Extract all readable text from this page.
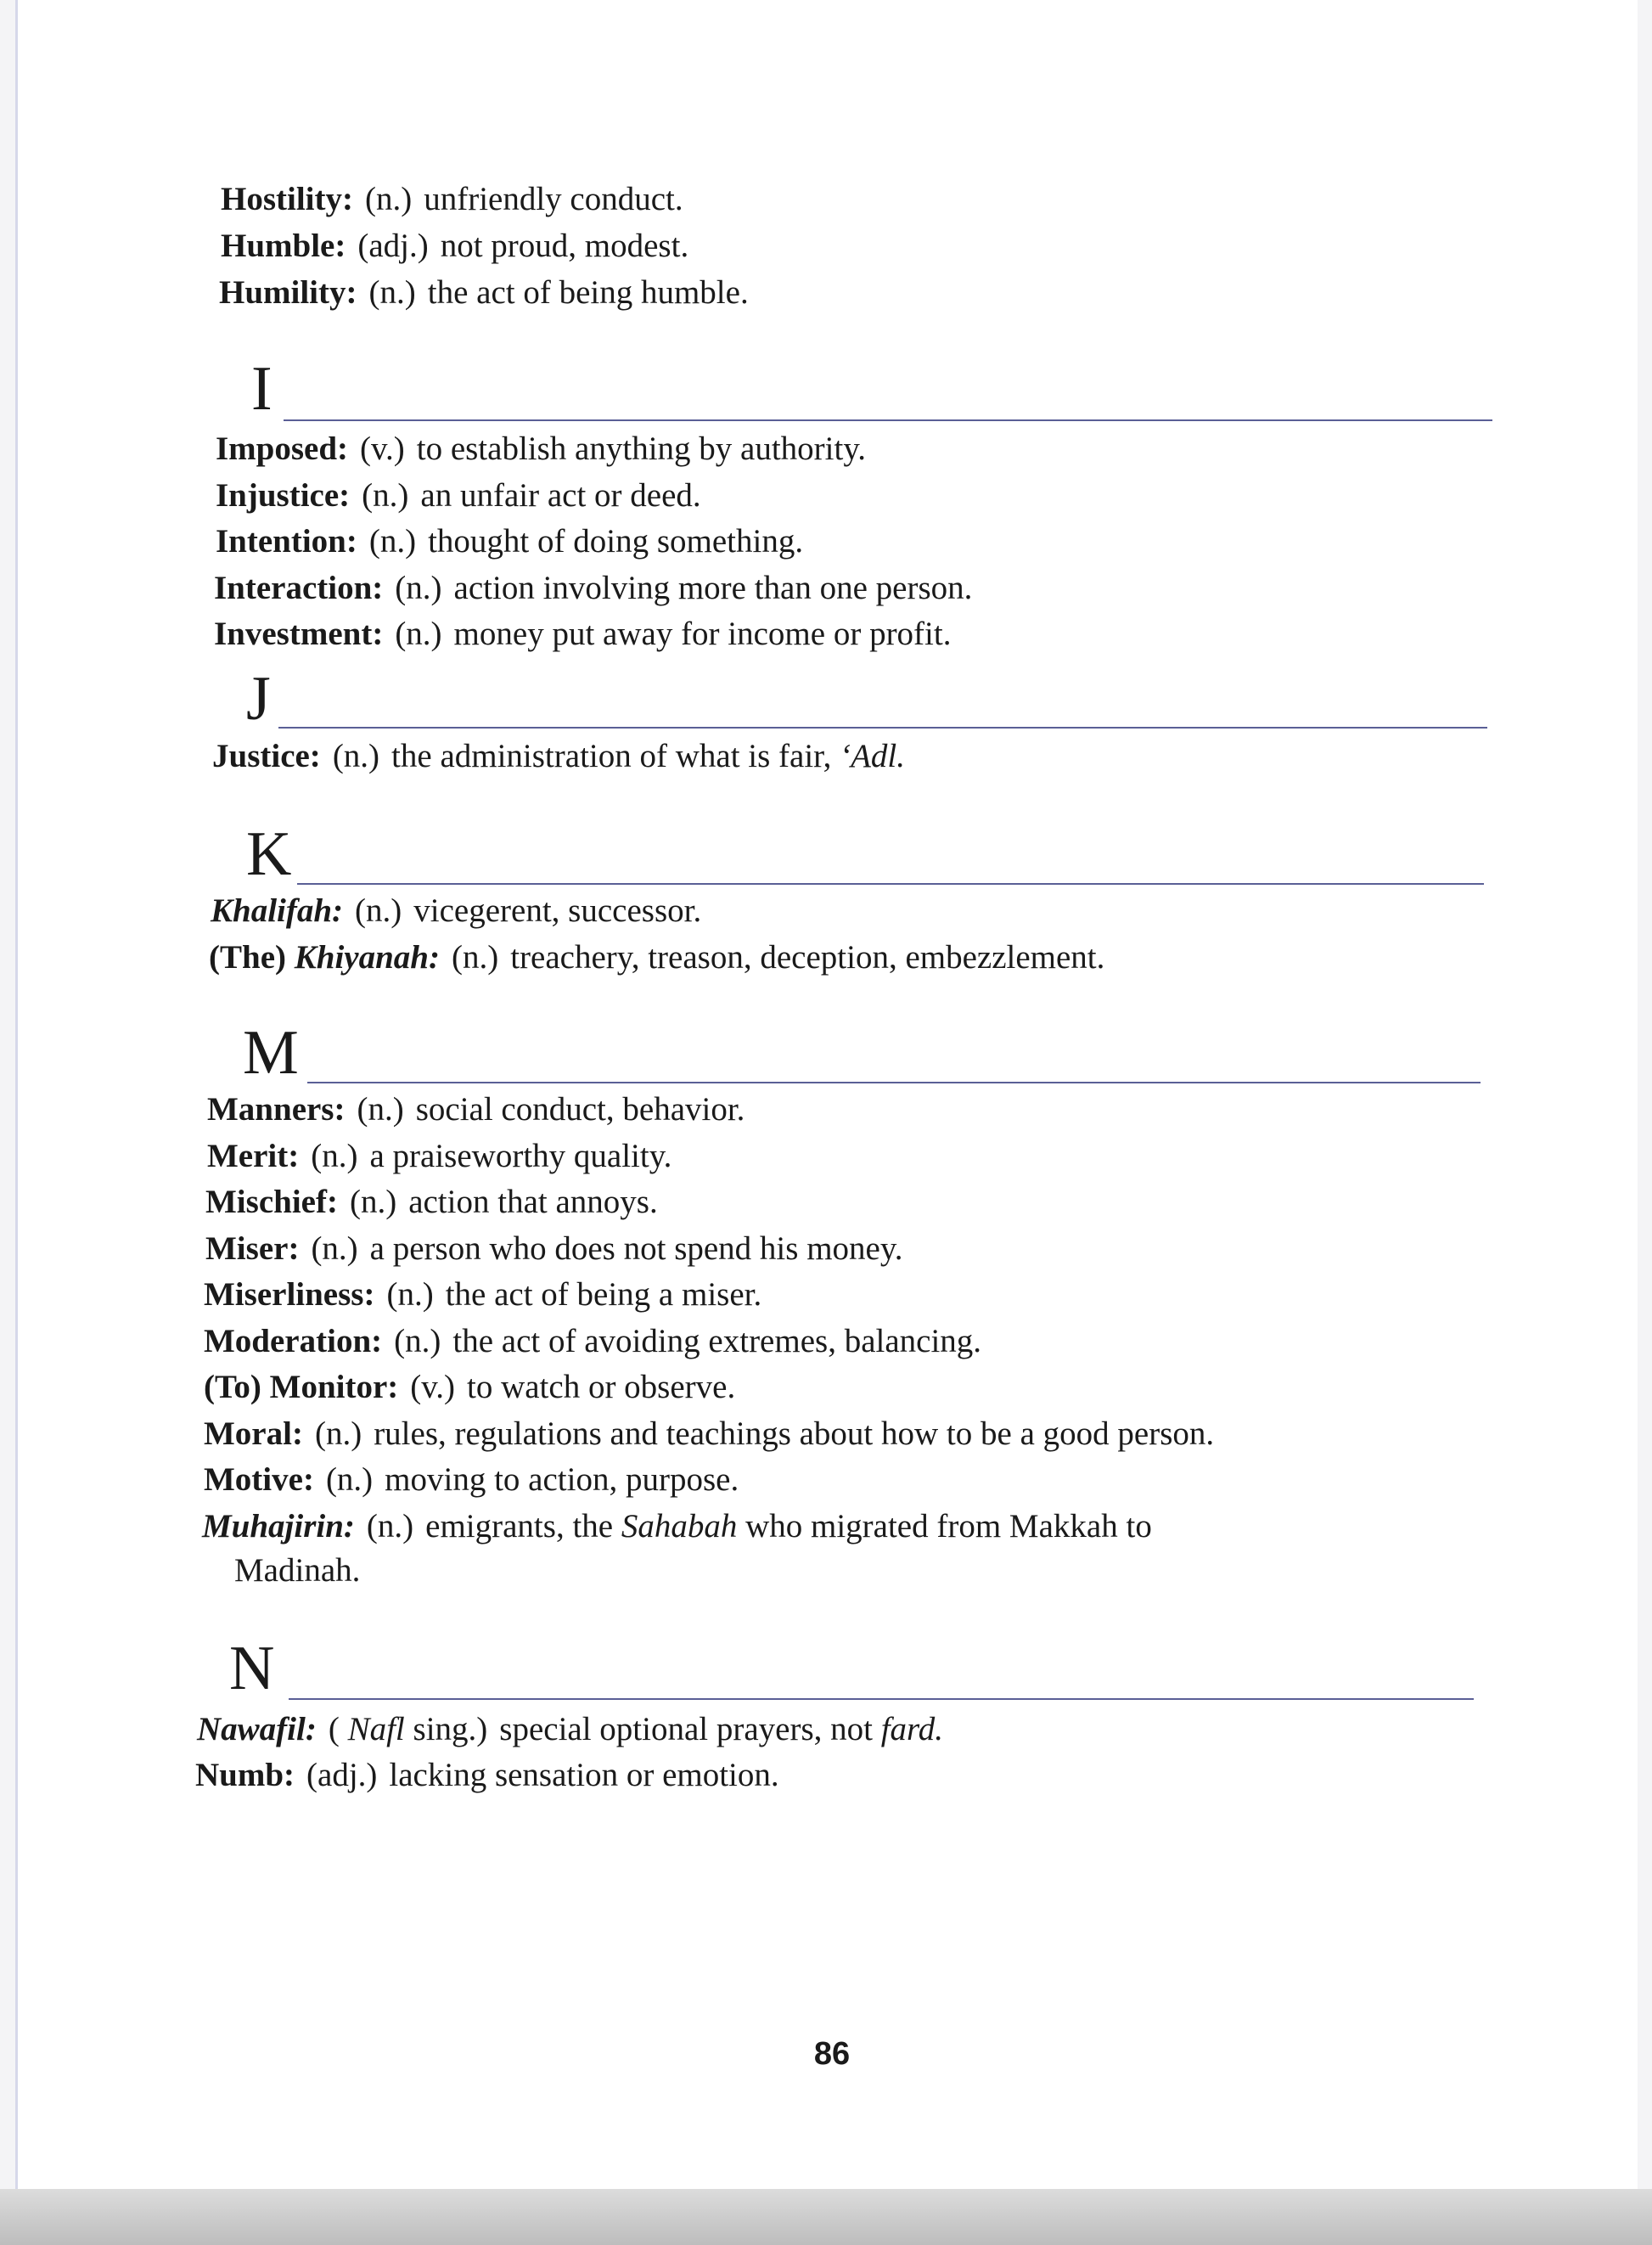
Hostility: (n.) unfriendly conduct.
Humble: (adj.) not proud, modest.
Humility: (n.) the act of being humble.
I
Imposed: (v.) to establish anything by authority.
Injustice: (n.) an unfair act or deed.
Intention: (n.) thought of doing something.
Interaction: (n.) action involving more than one person.
Investment: (n.) money put away for income or profit.
J
Justice: (n.) the administration of what is fair, ‘Adl.
K
Khalifah: (n.) vicegerent, successor.
(The) Khiyanah: (n.) treachery, treason, deception, embezzlement.
M
Manners: (n.) social conduct, behavior.
Merit: (n.) a praiseworthy quality.
Mischief: (n.) action that annoys.
Miser: (n.) a person who does not spend his money.
Miserliness: (n.) the act of being a miser.
Moderation: (n.) the act of avoiding extremes, balancing.
(To) Monitor: (v.) to watch or observe.
Moral: (n.) rules, regulations and teachings about how to be a good person.
Motive: (n.) moving to action, purpose.
Muhajirin: (n.) emigrants, the Sahabah who migrated from Makkah to
Madinah.
N
Nawafil: ( Nafl sing.) special optional prayers, not fard.
Numb: (adj.) lacking sensation or emotion.
86
